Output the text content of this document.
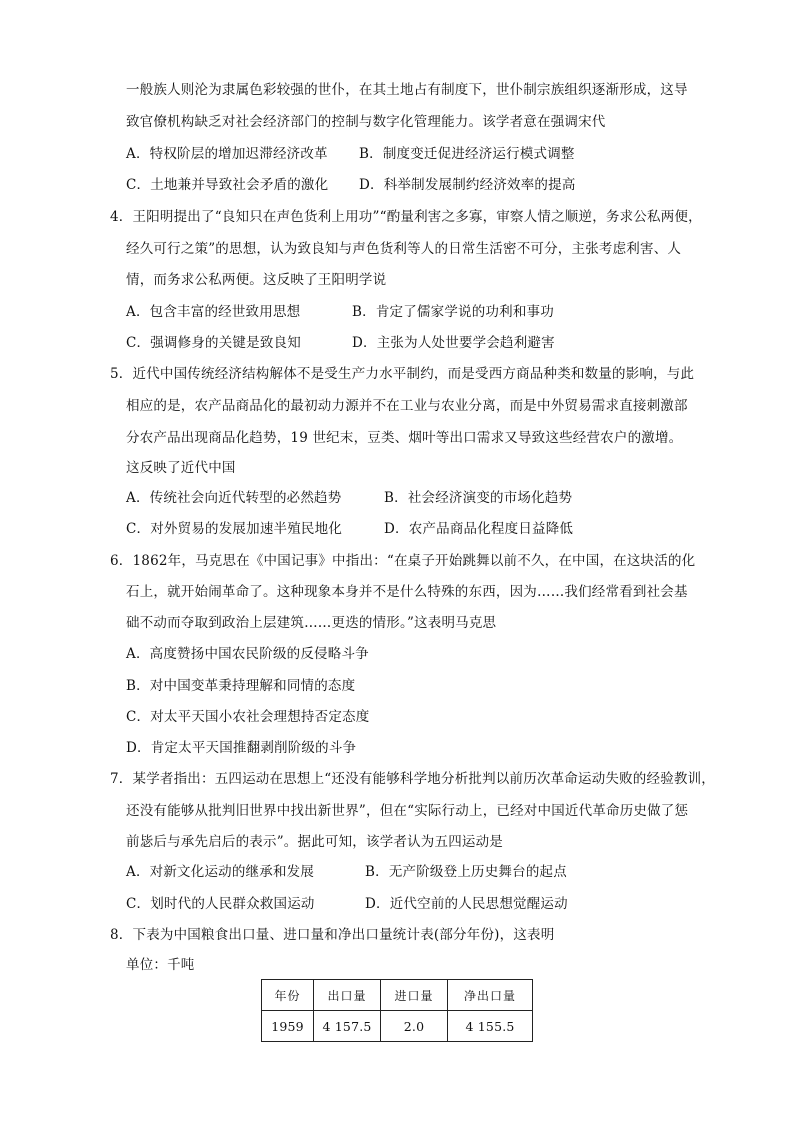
一般族人则沦为隶属色彩较强的世仆，在其土地占有制度下，世仆制宗族组织逐渐形成，这导
致官僚机构缺乏对社会经济部门的控制与数字化管理能力。该学者意在强调宋代
A．特权阶层的增加迟滞经济改革 B．制度变迁促进经济运行模式调整
C．土地兼并导致社会矛盾的激化 D．科举制发展制约经济效率的提高
4．王阳明提出了“良知只在声色货利上用功”“酌量利害之多寡，审察人情之顺逆，务求公私两便，
经久可行之策”的思想，认为致良知与声色货利等人的日常生活密不可分，主张考虑利害、人
情，而务求公私两便。这反映了王阳明学说
A．包含丰富的经世致用思想	B．肯定了儒家学说的功利和事功
C．强调修身的关键是致良知	D．主张为人处世要学会趋利避害
5．近代中国传统经济结构解体不是受生产力水平制约，而是受西方商品种类和数量的影响，与此
相应的是，农产品商品化的最初动力源并不在工业与农业分离，而是中外贸易需求直接刺激部
分农产品出现商品化趋势，19 世纪末，豆类、烟叶等出口需求又导致这些经营农户的激增。
这反映了近代中国
A．传统社会向近代转型的必然趋势	B．社会经济演变的市场化趋势
C．对外贸易的发展加速半殖民地化	D．农产品商品化程度日益降低
6．1862年，马克思在《中国记事》中指出：“在桌子开始跳舞以前不久，在中国，在这块活的化
石上，就开始闹革命了。这种现象本身并不是什么特殊的东西，因为……我们经常看到社会基
础不动而夺取到政治上层建筑……更迭的情形。”这表明马克思
A．高度赞扬中国农民阶级的反侵略斗争
B．对中国变革秉持理解和同情的态度
C．对太平天国小农社会理想持否定态度
D．肯定太平天国推翻剥削阶级的斗争
7．某学者指出：五四运动在思想上“还没有能够科学地分析批判以前历次革命运动失败的经验教训，
还没有能够从批判旧世界中找出新世界”，但在“实际行动上，已经对中国近代革命历史做了惩
前毖后与承先启后的表示”。据此可知，该学者认为五四运动是
A．对新文化运动的继承和发展	B．无产阶级登上历史舞台的起点
C．划时代的人民群众救国运动	D．近代空前的人民思想觉醒运动
8．下表为中国粮食出口量、进口量和净出口量统计表(部分年份)，这表明
单位：千吨
年份	出口量	进口量	净出口量
1959	4 157.5	2.0	4 155.5
